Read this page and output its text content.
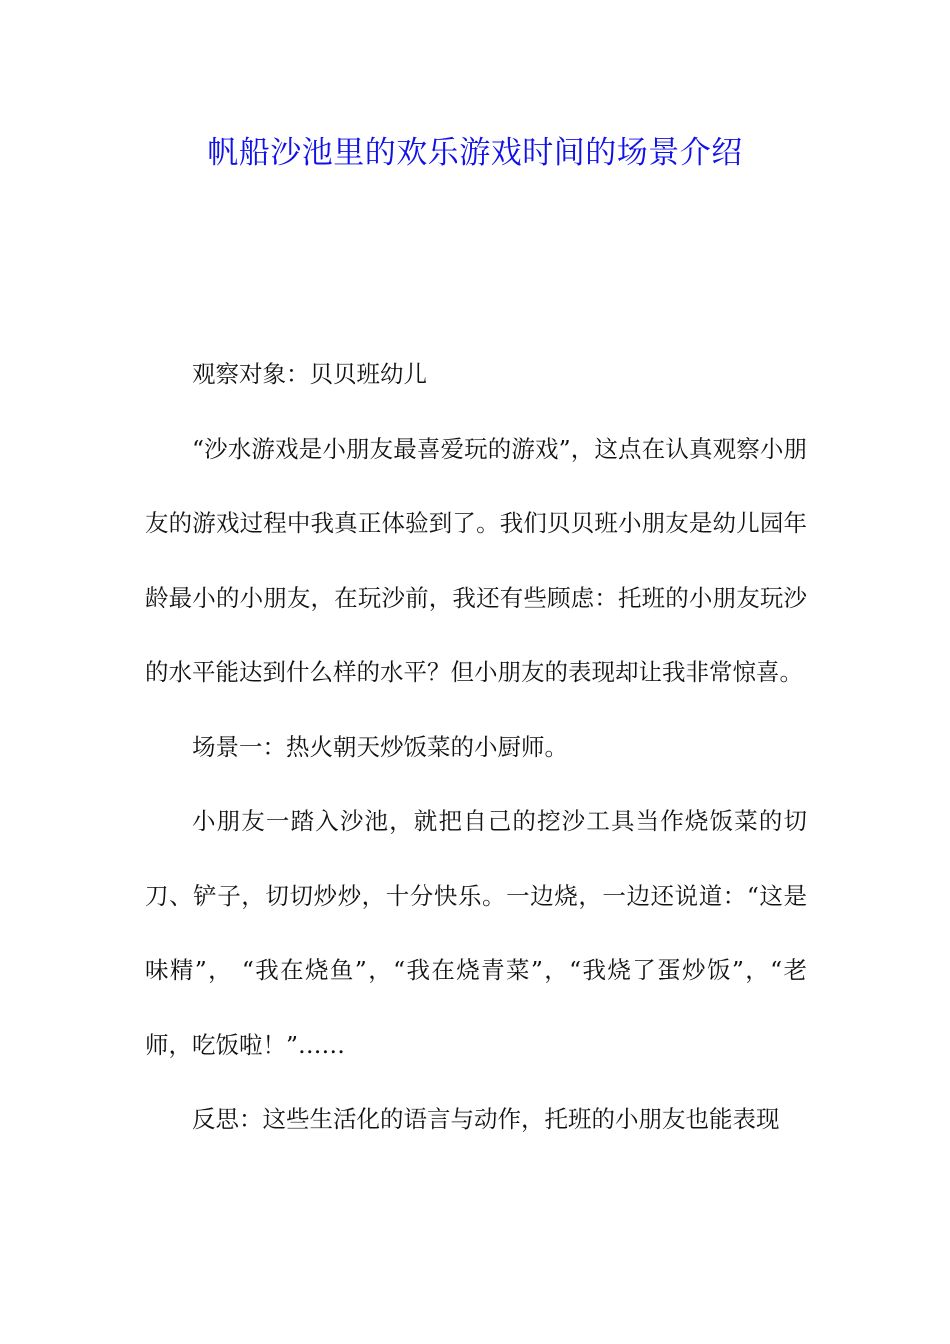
帆船沙池里的欢乐游戏时间的场景介绍

观察对象：贝贝班幼儿

“沙水游戏是小朋友最喜爱玩的游戏”，这点在认真观察小朋友的游戏过程中我真正体验到了。我们贝贝班小朋友是幼儿园年龄最小的小朋友，在玩沙前，我还有些顾虑：托班的小朋友玩沙的水平能达到什么样的水平？但小朋友的表现却让我非常惊喜。

场景一：热火朝天炒饭菜的小厨师。

小朋友一踏入沙池，就把自己的挖沙工具当作烧饭菜的切刀、铲子，切切炒炒，十分快乐。一边烧，一边还说道：“这是味精”， “我在烧鱼”，“我在烧青菜”，“我烧了蛋炒饭”，“老师，吃饭啦！”……

反思：这些生活化的语言与动作，托班的小朋友也能表现
